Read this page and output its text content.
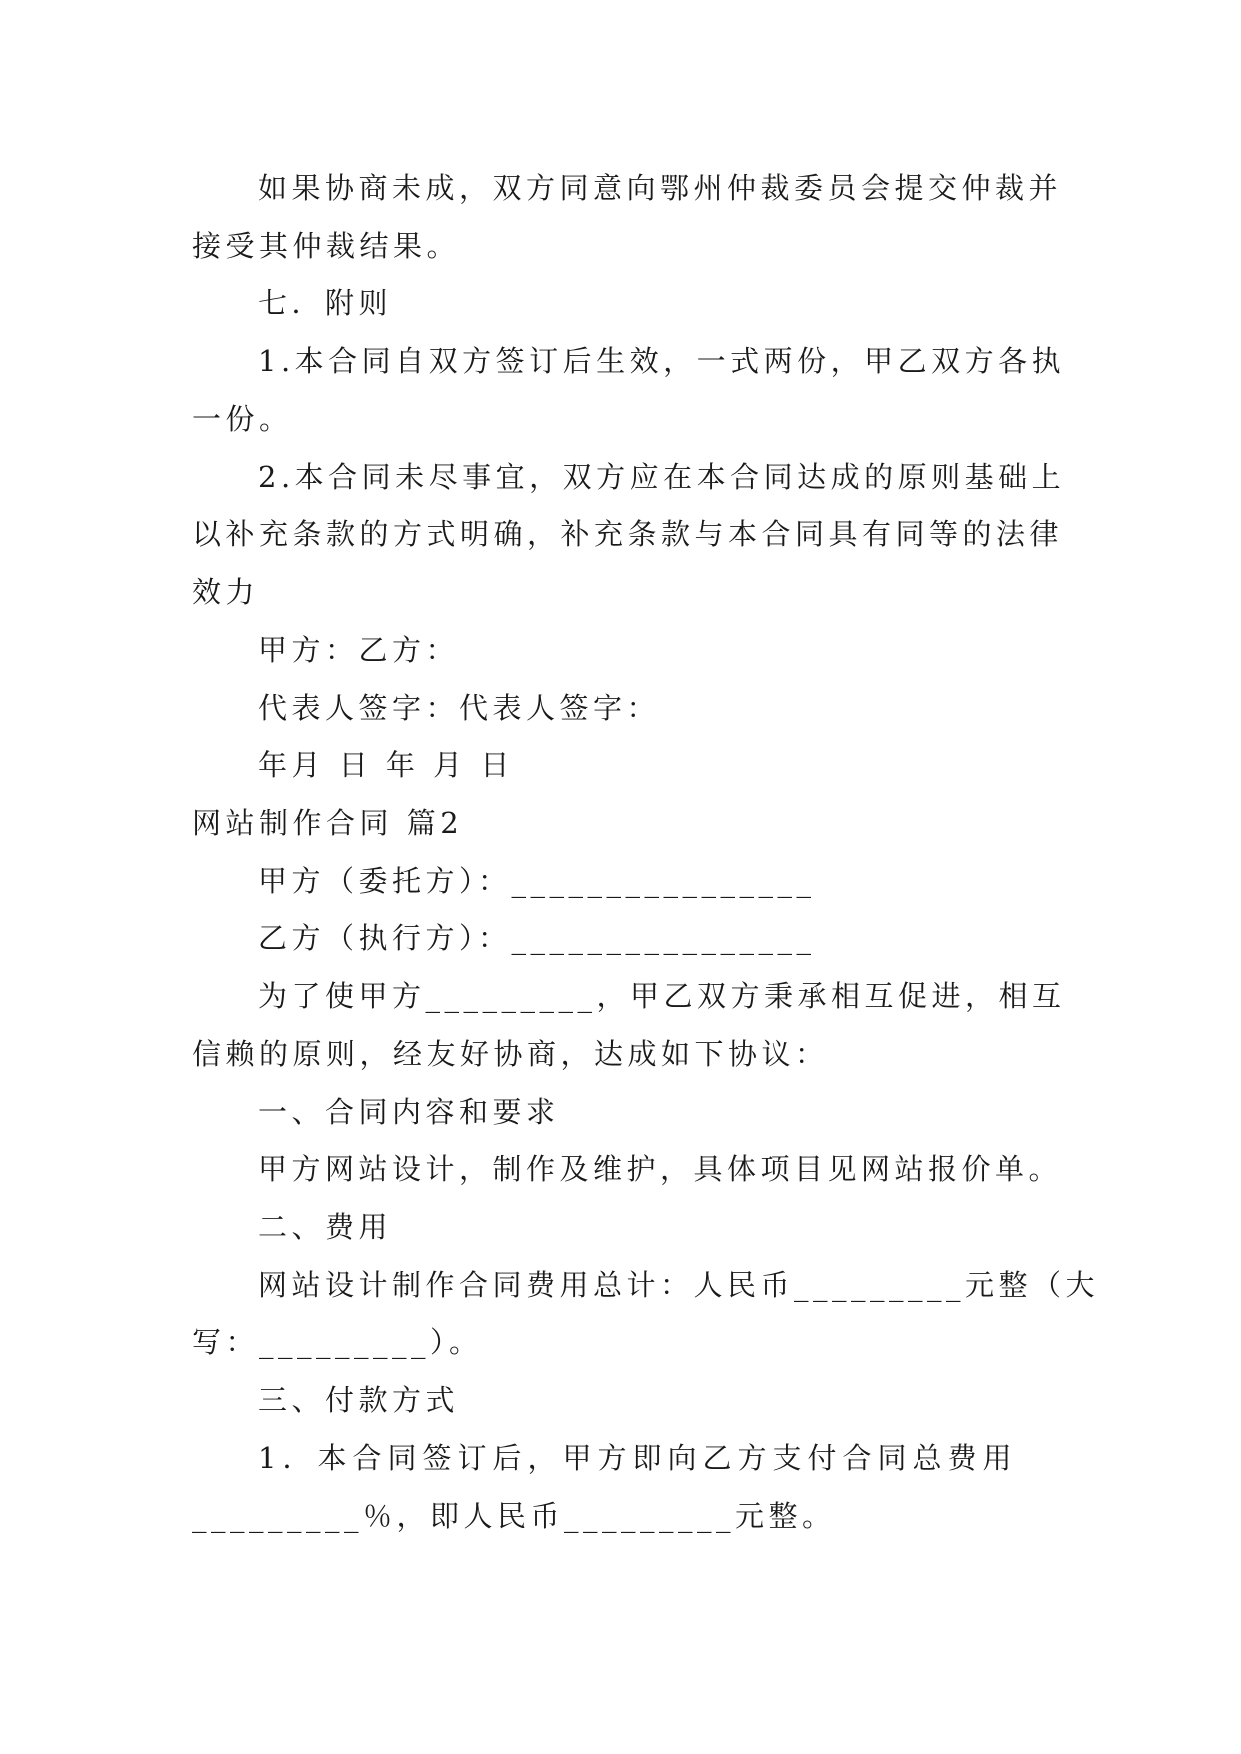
如果协商未成，双方同意向鄂州仲裁委员会提交仲裁并

接受其仲裁结果。

七．附则

1.本合同自双方签订后生效，一式两份，甲乙双方各执

一份。

2.本合同未尽事宜，双方应在本合同达成的原则基础上

以补充条款的方式明确，补充条款与本合同具有同等的法律

效力

甲方：乙方：

代表人签字：代表人签字：

年月 日 年 月 日

网站制作合同 篇2

甲方（委托方）：________________

乙方（执行方）：________________

为了使甲方_________，甲乙双方秉承相互促进，相互

信赖的原则，经友好协商，达成如下协议：

一、合同内容和要求

甲方网站设计，制作及维护，具体项目见网站报价单。

二、费用

网站设计制作合同费用总计：人民币_________元整（大

写：_________）。

三、付款方式

1．本合同签订后，甲方即向乙方支付合同总费用

_________％，即人民币_________元整。
